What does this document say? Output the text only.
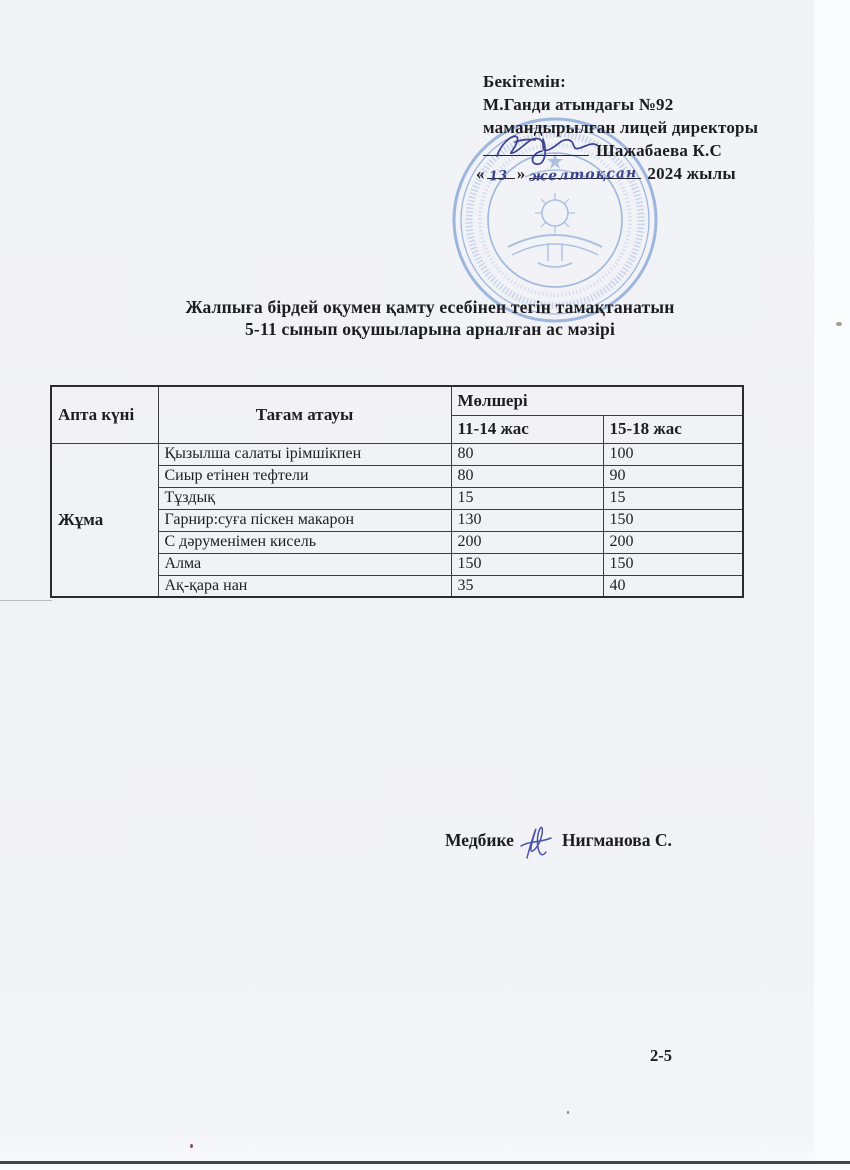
Бекітемін:
М.Ганди атындағы №92
мамандырылған лицей директоры
Шажабаева К.С
« »	2024 жылы
13 желтоқсан
Жалпыға бірдей оқумен қамту есебінен тегін тамақтанатын
5-11 сынып оқушыларына арналған ас мәзірі
Апта күні	Тағам атауы	Мөлшері	
		11-14 жас	15-18 жас
Жұма	Қызылша салаты ірімшікпен	80	100
	Сиыр етінен тефтели	80	90
	Тұздық	15	15
	Гарнир:суға піскен макарон	130	150
	С дәруменімен кисель	200	200
	Алма	150	150
	Ақ-қара нан	35	40
Медбике	Нигманова С.
2-5
